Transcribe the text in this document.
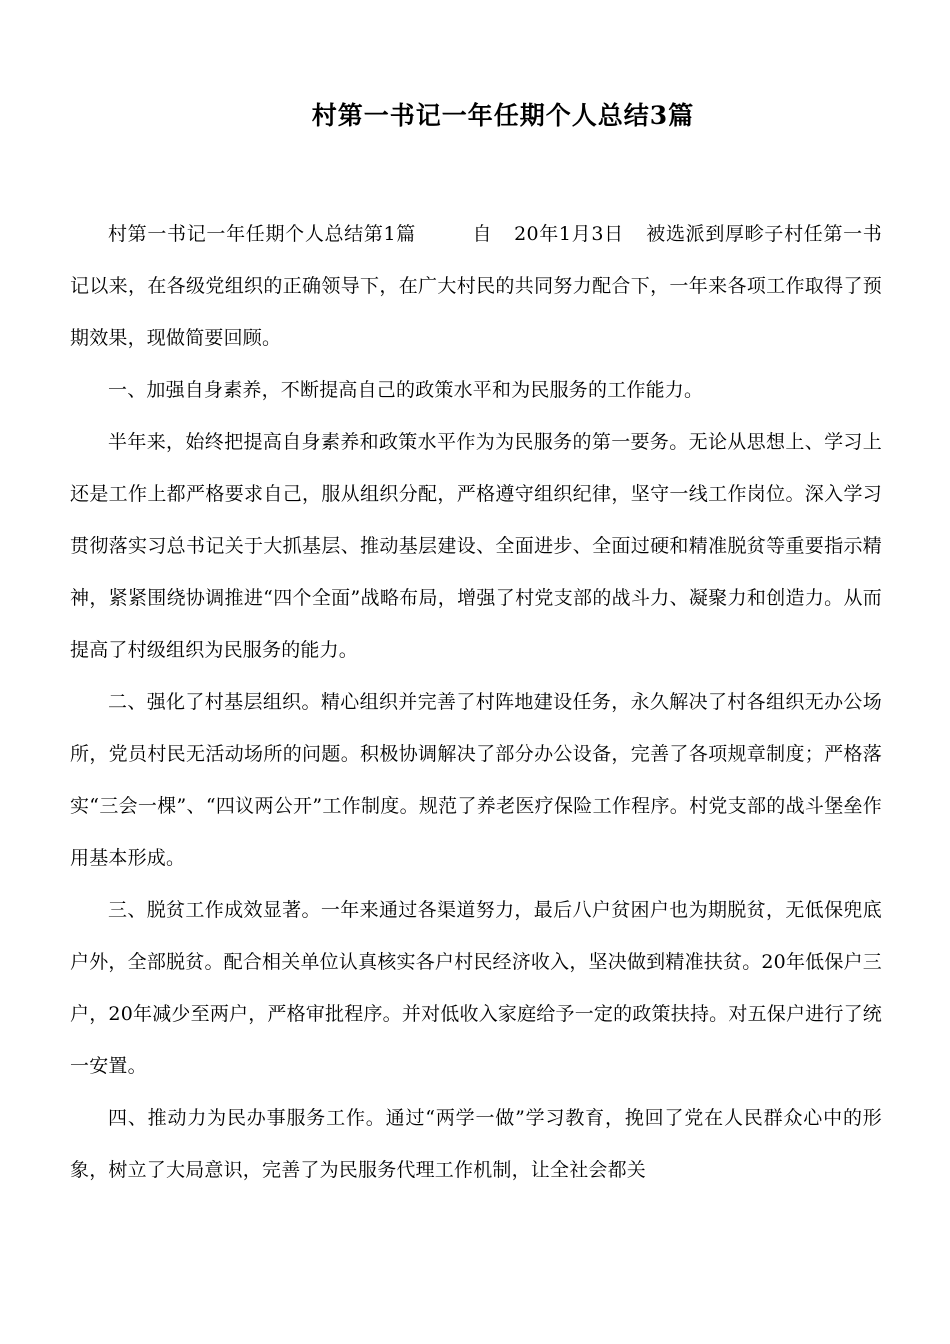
村第一书记一年任期个人总结3篇

村第一书记一年任期个人总结第1篇	自 20年1月3日 被选派到厚畛子村任第一书记以来，在各级党组织的正确领导下，在广大村民的共同努力配合下，一年来各项工作取得了预期效果，现做简要回顾。

一、加强自身素养，不断提高自己的政策水平和为民服务的工作能力。

半年来，始终把提高自身素养和政策水平作为为民服务的第一要务。无论从思想上、学习上还是工作上都严格要求自己，服从组织分配，严格遵守组织纪律，坚守一线工作岗位。深入学习贯彻落实习总书记关于大抓基层、推动基层建设、全面进步、全面过硬和精准脱贫等重要指示精神，紧紧围绕协调推进“四个全面”战略布局，增强了村党支部的战斗力、凝聚力和创造力。从而提高了村级组织为民服务的能力。

二、强化了村基层组织。精心组织并完善了村阵地建设任务，永久解决了村各组织无办公场所，党员村民无活动场所的问题。积极协调解决了部分办公设备，完善了各项规章制度；严格落实“三会一棵”、“四议两公开”工作制度。规范了养老医疗保险工作程序。村党支部的战斗堡垒作用基本形成。

三、脱贫工作成效显著。一年来通过各渠道努力，最后八户贫困户也为期脱贫，无低保兜底户外，全部脱贫。配合相关单位认真核实各户村民经济收入，坚决做到精准扶贫。20年低保户三户，20年减少至两户，严格审批程序。并对低收入家庭给予一定的政策扶持。对五保户进行了统一安置。

四、推动力为民办事服务工作。通过“两学一做”学习教育，挽回了党在人民群众心中的形象，树立了大局意识，完善了为民服务代理工作机制，让全社会都关
